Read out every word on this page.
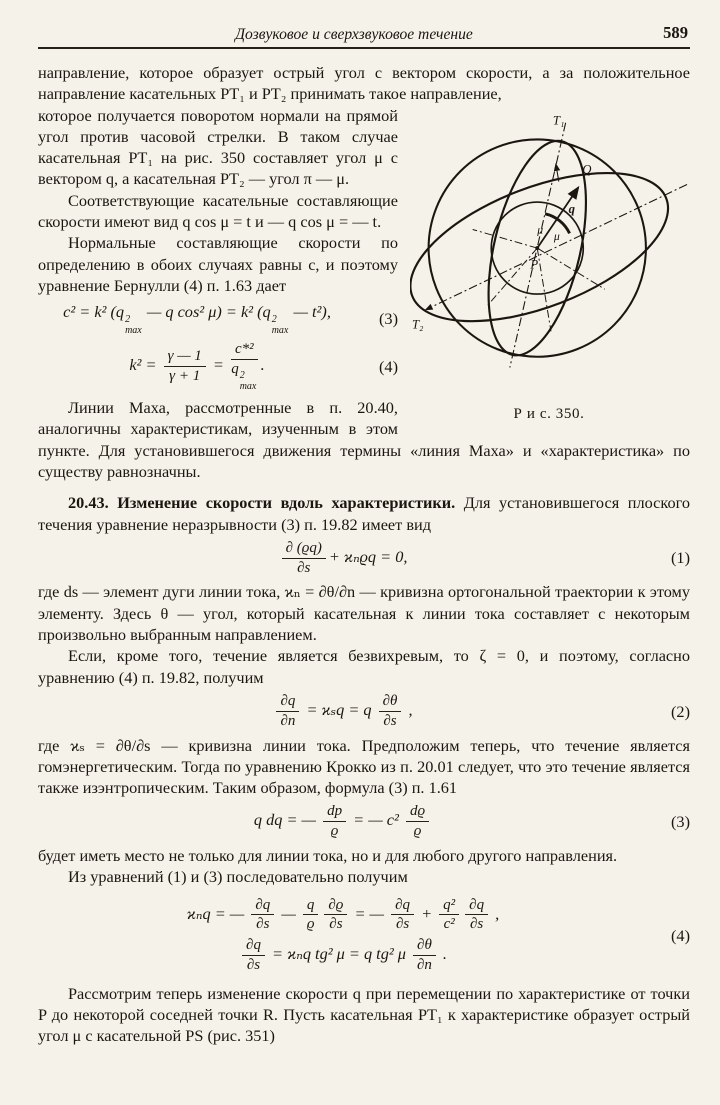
Дозвуковое и сверхзвуковое течение	589

направление, которое образует острый угол с вектором скорости, а за положительное направление касательных PT₁ и PT₂ принимать такое направление,

T₁
T₂
Q
q
μ
μ
P
Р и с. 350.

которое получается поворотом нормали на прямой угол против часовой стрелки. В таком случае касательная PT₁ на рис. 350 составляет угол μ с вектором q, а касательная PT₂ — угол π — μ.

Соответствующие касательные составляющие скорости имеют вид q cos μ = t и — q cos μ = — t.

Нормальные составляющие скорости по определению в обоих случаях равны c, и поэтому уравнение Бернулли (4) п. 1.63 дает

c² = k² (q 2
max
— q cos² μ) = k² (q 2
max
— t²),	(3)
$k^2 = \frac{\gamma — 1}{\gamma + 1} = c*^2$
q 2
max .	(4)

Линии Маха, рассмотренные в п. 20.40, аналогичны характеристикам, изученным в этом пункте. Для установившегося движения термины «линия Маха» и «характеристика» по существу равнозначны.

20.43. Изменение скорости вдоль характеристики. Для установившегося плоского течения уравнение неразрывности (3) п. 19.82 имеет вид

$\frac{\partial (ϱq)}{\partial s} + ϰ_nϱq = 0$,	(1)

где ds — элемент дуги линии тока, ϰₙ = ∂θ/∂n — кривизна ортогональной траектории к этому элементу. Здесь θ — угол, который касательная к линии тока составляет с некоторым произвольно выбранным направлением.

Если, кроме того, течение является безвихревым, то ζ = 0, и поэтому, согласно уравнению (4) п. 19.82, получим

$\frac{\partial q}{\partial n} = ϰ_sq = q \frac{\partial\theta}{\partial s}$ ,	(2)

где ϰₛ = ∂θ/∂s — кривизна линии тока. Предположим теперь, что течение является гомэнергетическим. Тогда по уравнению Крокко из п. 20.01 следует, что это течение является также изэнтропическим. Таким образом, формула (3) п. 1.61

q dq = — $\frac{dp}{ϱ}$ = — $c^2 \frac{dϱ}{ϱ}$	(3)

будет иметь место не только для линии тока, но и для любого другого направления.

Из уравнений (1) и (3) последовательно получим

ϰₙq = — $\frac{\partial q}{\partial s}$ — $\frac{q}{ϱ} \frac{\partial ϱ}{\partial s}$ = — $\frac{\partial q}{\partial s} + \frac{\text{q²}}{\text{c²}} \frac{\partial q}{\partial s}$ ,
$\frac{\partial q}{\partial s} = ϰ_nq$ tg² μ = q tg² μ $\frac{\partial\theta}{\partial n}$ .
(4)

Рассмотрим теперь изменение скорости q при перемещении по характеристике от точки P до некоторой соседней точки R. Пусть касательная PT₁ к характеристике образует острый угол μ с касательной PS (рис. 351)
